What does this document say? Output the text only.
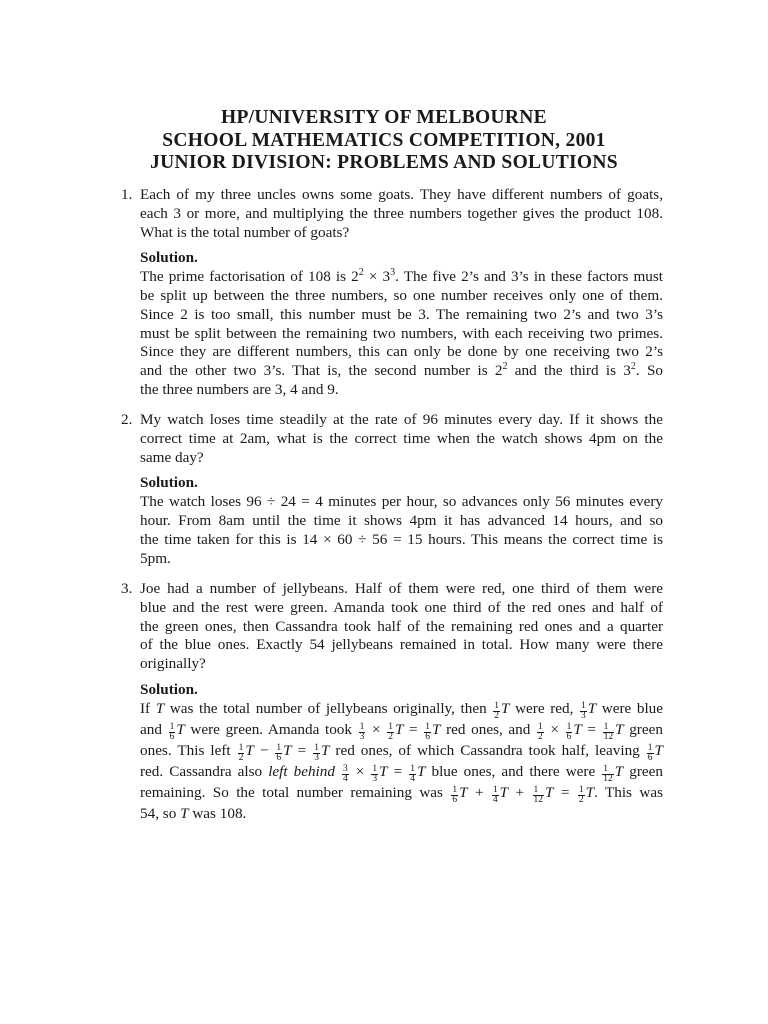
HP/UNIVERSITY OF MELBOURNE
SCHOOL MATHEMATICS COMPETITION, 2001
JUNIOR DIVISION: PROBLEMS AND SOLUTIONS
1. Each of my three uncles owns some goats. They have different numbers of goats,
each 3 or more, and multiplying the three numbers together gives the product 108.
What is the total number of goats?
Solution.
The prime factorisation of 108 is $2^2 \times 3^3$. The five 2’s and 3’s in these factors must
be split up between the three numbers, so one number receives only one of them.
Since 2 is too small, this number must be 3. The remaining two 2’s and two 3’s
must be split between the remaining two numbers, with each receiving two primes.
Since they are different numbers, this can only be done by one receiving two 2’s
and the other two 3’s. That is, the second number is $2^2$ and the third is $3^2$. So
the three numbers are 3, 4 and 9.
2. My watch loses time steadily at the rate of 96 minutes every day. If it shows the
correct time at 2am, what is the correct time when the watch shows 4pm on the
same day?
Solution.
The watch loses 96 ÷ 24 = 4 minutes per hour, so advances only 56 minutes every
hour. From 8am until the time it shows 4pm it has advanced 14 hours, and so
the time taken for this is 14 × 60 ÷ 56 = 15 hours. This means the correct time is
5pm.
3. Joe had a number of jellybeans. Half of them were red, one third of them were
blue and the rest were green. Amanda took one third of the red ones and half of
the green ones, then Cassandra took half of the remaining red ones and a quarter
of the blue ones. Exactly 54 jellybeans remained in total. How many were there
originally?
Solution.
If T was the total number of jellybeans originally, then $\frac{1}{2}$ T were red, $\frac{1}{3}$ T were blue
and $\frac{1}{6}$ T were green. Amanda took $\frac{1}{3} \times \frac{1}{2}$ $T = \frac{1}{6}$ T red ones, and $\frac{1}{2} \times \frac{1}{6}$ $T = \frac{1}{12}$ T green
ones. This left $\frac{1}{2}$ $T - \frac{1}{6}$ $T = \frac{1}{3}$ T red ones, of which Cassandra took half, leaving $\frac{1}{6}$ T
red. Cassandra also left behind $\frac{3}{4} \times \frac{1}{3}$ $T = \frac{1}{4}$ T blue ones, and there were $\frac{1}{12}$ T green
remaining. So the total number remaining was $\frac{1}{6}$ $T + \frac{1}{4}$ $T + \frac{1}{12}$ $T = \frac{1}{2} T$. This was
54, so T was 108.
